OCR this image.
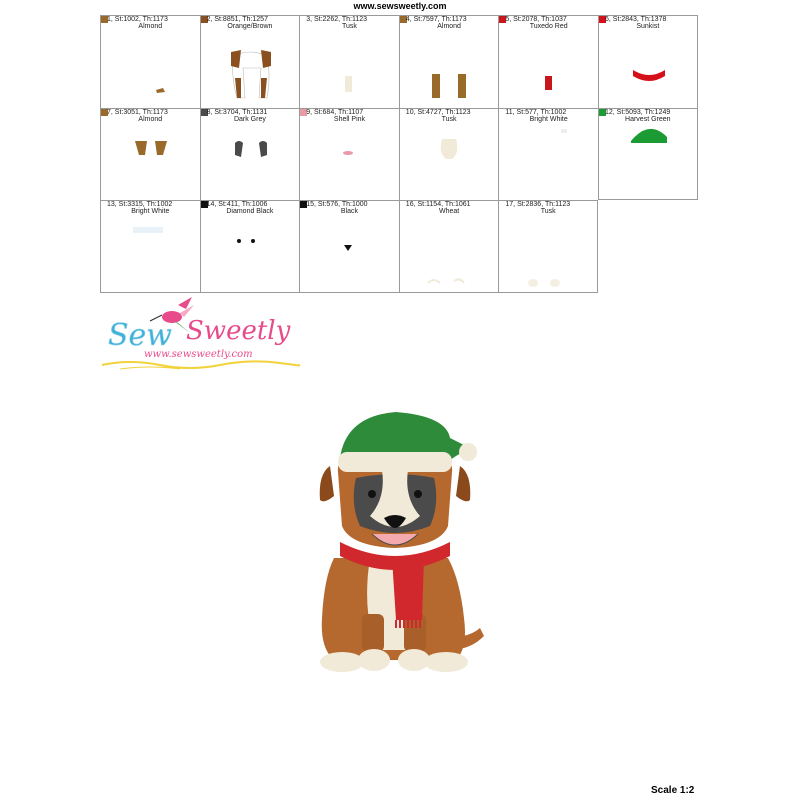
www.sewsweetly.com
1, St:1002, Th:1173
Almond
2, St:8851, Th:1257
Orange/Brown
3, St:2262, Th:1123
Tusk
4, St:7597, Th:1173
Almond
5, St:2078, Th:1037
Tuxedo Red
6, St:2843, Th:1378
Sunkist
7, St:3051, Th:1173
Almond
8, St:3704, Th:1131
Dark Grey
9, St:684, Th:1107
Shell Pink
10, St:4727, Th:1123
Tusk
11, St:577, Th:1002
Bright White
12, St:5093, Th:1249
Harvest Green
13, St:3315, Th:1002
Bright White
14, St:411, Th:1006
Diamond Black
15, St:576, Th:1000
Black
16, St:1154, Th:1061
Wheat
17, St:2836, Th:1123
Tusk
Sew Sweetly
www.sewsweetly.com
Scale 1:2
